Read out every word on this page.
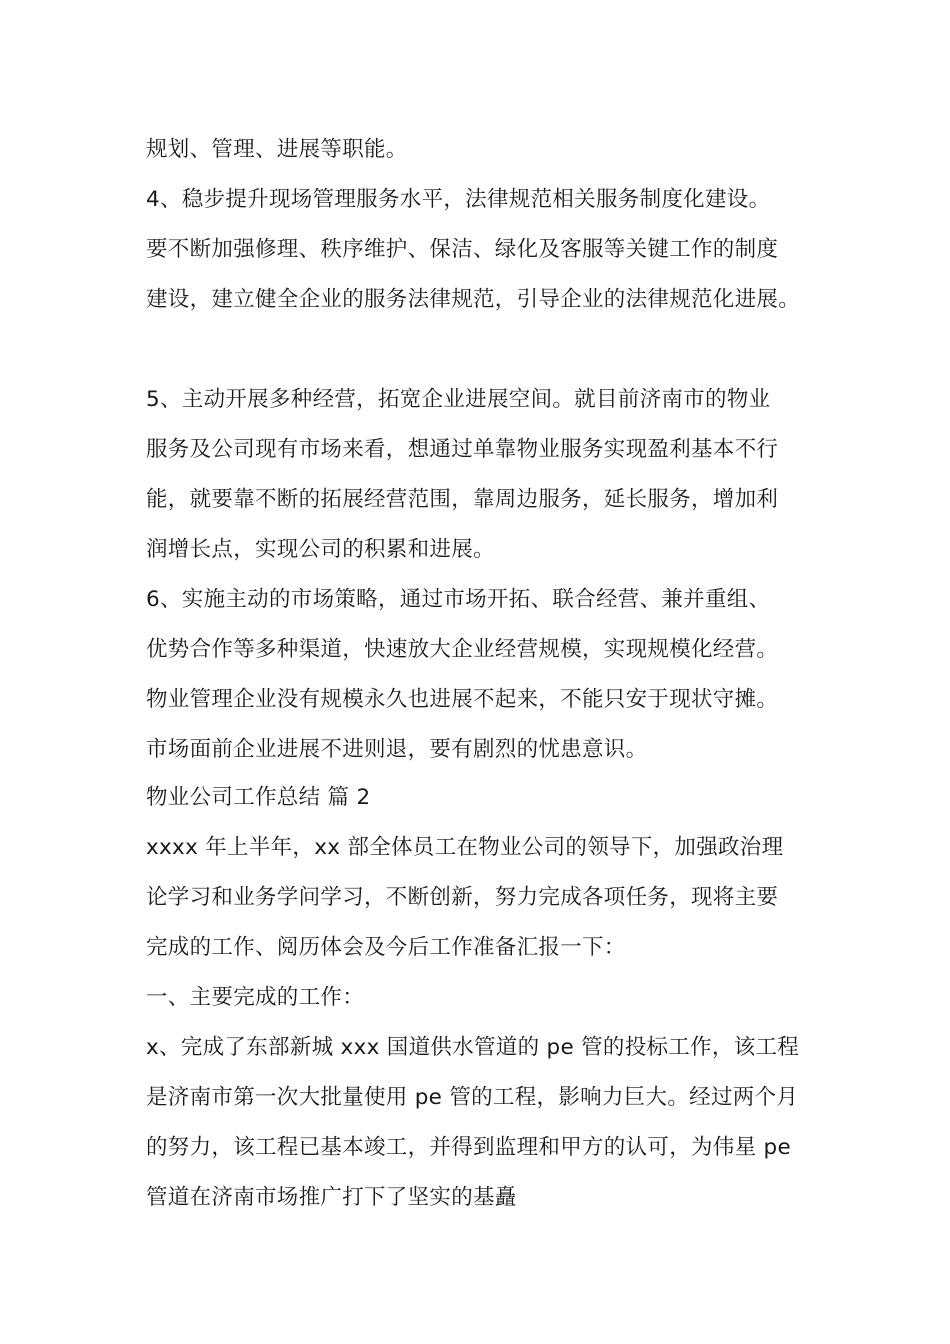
规划、管理、进展等职能。
4、稳步提升现场管理服务水平，法律规范相关服务制度化建设。
要不断加强修理、秩序维护、保洁、绿化及客服等关键工作的制度
建设，建立健全企业的服务法律规范，引导企业的法律规范化进展。
5、主动开展多种经营，拓宽企业进展空间。就目前济南市的物业
服务及公司现有市场来看，想通过单靠物业服务实现盈利基本不行
能，就要靠不断的拓展经营范围，靠周边服务，延长服务，增加利
润增长点，实现公司的积累和进展。
6、实施主动的市场策略，通过市场开拓、联合经营、兼并重组、
优势合作等多种渠道，快速放大企业经营规模，实现规模化经营。
物业管理企业没有规模永久也进展不起来，不能只安于现状守摊。
市场面前企业进展不进则退，要有剧烈的忧患意识。
物业公司工作总结 篇 2
xxxx 年上半年，xx 部全体员工在物业公司的领导下，加强政治理
论学习和业务学问学习，不断创新，努力完成各项任务，现将主要
完成的工作、阅历体会及今后工作准备汇报一下：
一、主要完成的工作：
x、完成了东部新城 xxx 国道供水管道的 pe 管的投标工作，该工程
是济南市第一次大批量使用 pe 管的工程，影响力巨大。经过两个月
的努力，该工程已基本竣工，并得到监理和甲方的认可，为伟星 pe
管道在济南市场推广打下了坚实的基矗
